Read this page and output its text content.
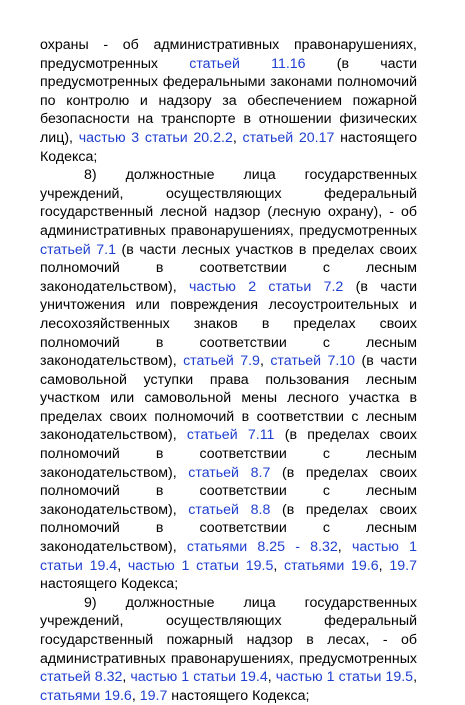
охраны - об административных правонарушениях, предусмотренных статьей 11.16 (в части предусмотренных федеральными законами полномочий по контролю и надзору за обеспечением пожарной безопасности на транспорте в отношении физических лиц), частью 3 статьи 20.2.2, статьей 20.17 настоящего Кодекса;

8) должностные лица государственных учреждений, осуществляющих федеральный государственный лесной надзор (лесную охрану), - об административных правонарушениях, предусмотренных статьей 7.1 (в части лесных участков в пределах своих полномочий в соответствии с лесным законодательством), частью 2 статьи 7.2 (в части уничтожения или повреждения лесоустроительных и лесохозяйственных знаков в пределах своих полномочий в соответствии с лесным законодательством), статьей 7.9, статьей 7.10 (в части самовольной уступки права пользования лесным участком или самовольной мены лесного участка в пределах своих полномочий в соответствии с лесным законодательством), статьей 7.11 (в пределах своих полномочий в соответствии с лесным законодательством), статьей 8.7 (в пределах своих полномочий в соответствии с лесным законодательством), статьей 8.8 (в пределах своих полномочий в соответствии с лесным законодательством), статьями 8.25 - 8.32, частью 1 статьи 19.4, частью 1 статьи 19.5, статьями 19.6, 19.7 настоящего Кодекса;

9) должностные лица государственных учреждений, осуществляющих федеральный государственный пожарный надзор в лесах, - об административных правонарушениях, предусмотренных статьей 8.32, частью 1 статьи 19.4, частью 1 статьи 19.5, статьями 19.6, 19.7 настоящего Кодекса;
